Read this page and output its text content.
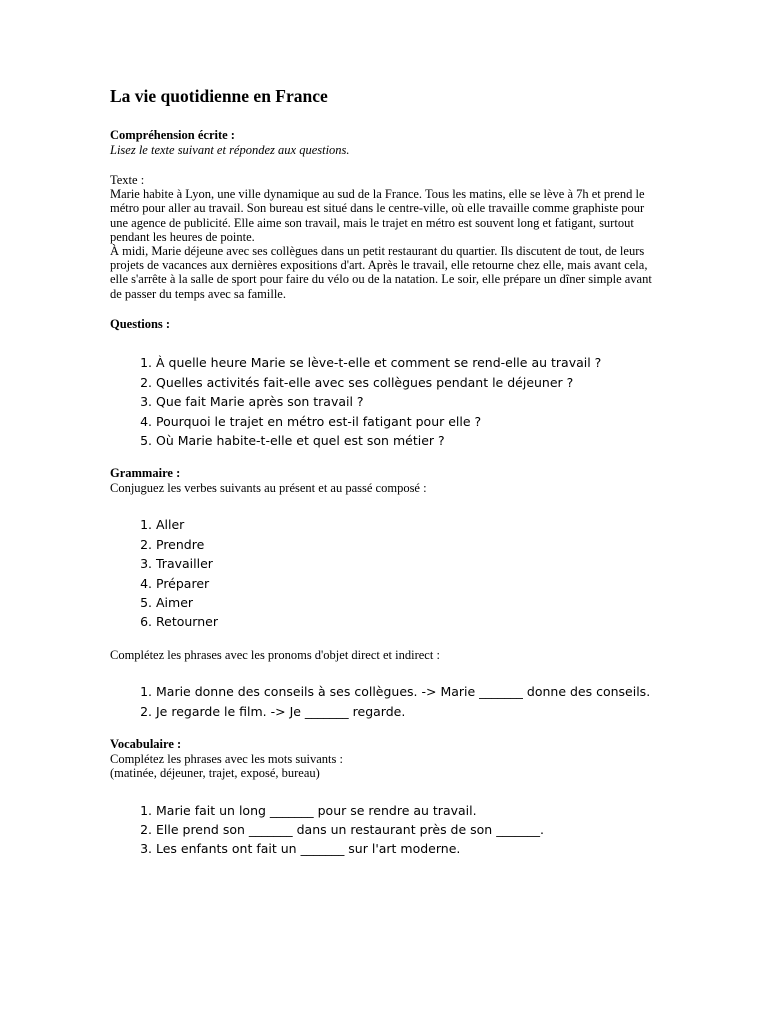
La vie quotidienne en France

Compréhension écrite :

Lisez le texte suivant et répondez aux questions.

Texte :

Marie habite à Lyon, une ville dynamique au sud de la France. Tous les matins, elle se lève à 7h et prend le métro pour aller au travail. Son bureau est situé dans le centre-ville, où elle travaille comme graphiste pour une agence de publicité. Elle aime son travail, mais le trajet en métro est souvent long et fatigant, surtout pendant les heures de pointe.

À midi, Marie déjeune avec ses collègues dans un petit restaurant du quartier. Ils discutent de tout, de leurs projets de vacances aux dernières expositions d'art. Après le travail, elle retourne chez elle, mais avant cela, elle s'arrête à la salle de sport pour faire du vélo ou de la natation. Le soir, elle prépare un dîner simple avant de passer du temps avec sa famille.

Questions :

1. À quelle heure Marie se lève-t-elle et comment se rend-elle au travail ?
2. Quelles activités fait-elle avec ses collègues pendant le déjeuner ?
3. Que fait Marie après son travail ?
4. Pourquoi le trajet en métro est-il fatigant pour elle ?
5. Où Marie habite-t-elle et quel est son métier ?

Grammaire :

Conjuguez les verbes suivants au présent et au passé composé :

1. Aller
2. Prendre
3. Travailler
4. Préparer
5. Aimer
6. Retourner

Complétez les phrases avec les pronoms d'objet direct et indirect :

1. Marie donne des conseils à ses collègues. -> Marie _______ donne des conseils.
2. Je regarde le film. -> Je _______ regarde.

Vocabulaire :

Complétez les phrases avec les mots suivants :

(matinée, déjeuner, trajet, exposé, bureau)

1. Marie fait un long _______ pour se rendre au travail.
2. Elle prend son _______ dans un restaurant près de son _______.
3. Les enfants ont fait un _______ sur l'art moderne.
